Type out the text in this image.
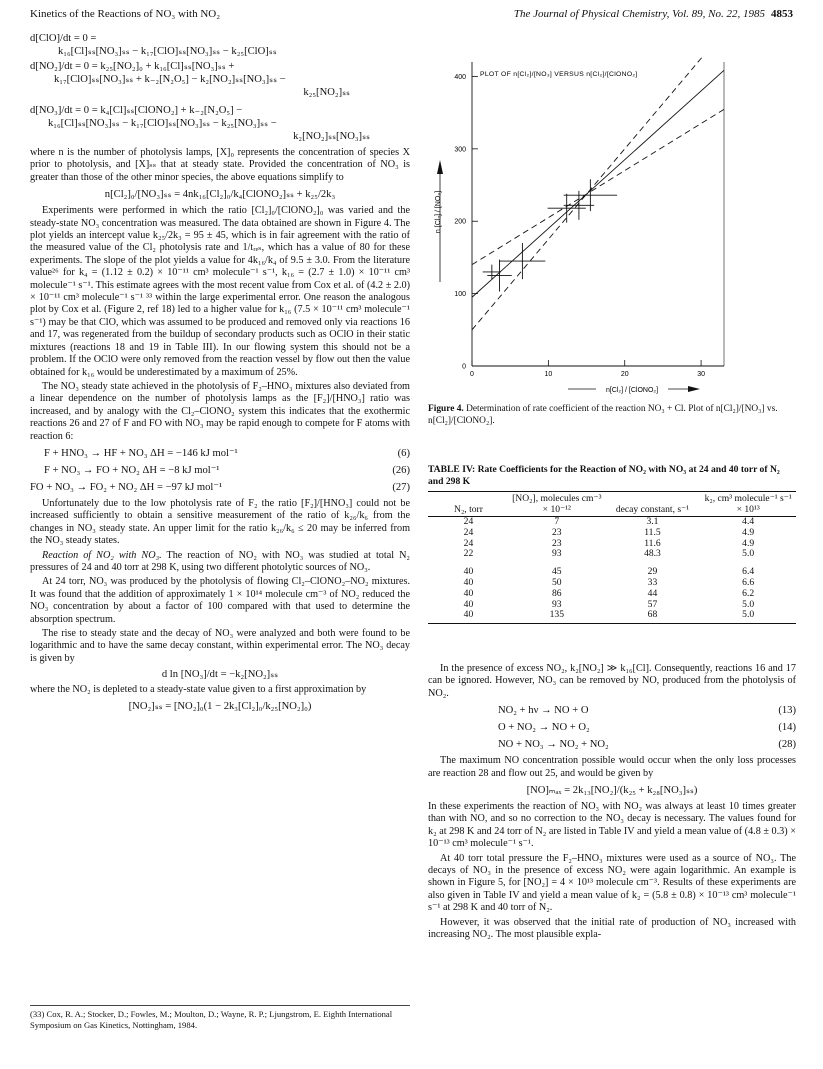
Kinetics of the Reactions of NO₃ with NO₂	The Journal of Physical Chemistry, Vol. 89, No. 22, 1985 4853
d[ClO]/dt = 0 =
k₁₆[Cl]ₛₛ[NO₃]ₛₛ − k₁₇[ClO]ₛₛ[NO₃]ₛₛ − k₂₅[ClO]ₛₛ
d[NO₂]/dt = 0 = k₂₅[NO₂]₀ + k₁₆[Cl]ₛₛ[NO₃]ₛₛ +
k₁₇[ClO]ₛₛ[NO₃]ₛₛ + k₋₂[N₂O₅] − k₂[NO₂]ₛₛ[NO₃]ₛₛ −
k₂₅[NO₂]ₛₛ
d[NO₃]/dt = 0 = k₄[Cl]ₛₛ[ClONO₂] + k₋₂[N₂O₅] −
k₁₆[Cl]ₛₛ[NO₃]ₛₛ − k₁₇[ClO]ₛₛ[NO₃]ₛₛ − k₂₅[NO₃]ₛₛ −
k₂[NO₂]ₛₛ[NO₃]ₛₛ

where n is the number of photolysis lamps, [X]₀ represents the concentration of species X prior to photolysis, and [X]ₛₛ that at steady state. Provided the concentration of NO₃ is greater than those of the other minor species, the above equations simplify to

n[Cl₂]₀/[NO₃]ₛₛ = 4nk₁₆[Cl₂]₀/k₄[ClONO₂]ₛₛ + k₂₅/2k₃

Experiments were performed in which the ratio [Cl₂]₀/[ClONO₂]₀ was varied and the steady-state NO₃ concentration was measured. The data obtained are shown in Figure 4. The plot yields an intercept value k₂₅/2k₃ = 95 ± 45, which is in fair agreement with the ratio of the measured value of the Cl₂ photolysis rate and 1/tᵣₑₛ, which has a value of 80 for these experiments. The slope of the plot yields a value for 4k₁₆/k₄ of 9.5 ± 3.0. From the literature value²⁶ for k₄ = (1.12 ± 0.2) × 10⁻¹¹ cm³ molecule⁻¹ s⁻¹, k₁₆ = (2.7 ± 1.0) × 10⁻¹¹ cm³ molecule⁻¹ s⁻¹. This estimate agrees with the most recent value from Cox et al. of (4.2 ± 2.0) × 10⁻¹¹ cm³ molecule⁻¹ s⁻¹ ³³ within the large experimental error. One reason the analogous plot by Cox et al. (Figure 2, ref 18) led to a higher value for k₁₆ (7.5 × 10⁻¹¹ cm³ molecule⁻¹ s⁻¹) may be that ClO, which was assumed to be produced and removed only via reactions 16 and 17, was regenerated from the buildup of secondary products such as OClO in their static mixtures (reactions 18 and 19 in Table III). In our flowing system this should not be a problem. If the OClO were only removed from the reaction vessel by flow out then the value obtained for k₁₆ would be underestimated by a maximum of 25%.

The NO₃ steady state achieved in the photolysis of F₂–HNO₃ mixtures also deviated from a linear dependence on the number of photolysis lamps as the [F₂]/[HNO₃] ratio was increased, and by analogy with the Cl₂–ClONO₂ system this indicates that the exothermic reactions 26 and 27 of F and FO with NO₃ may be rapid enough to compete for F atoms with reaction 6:

F + HNO₃ → HF + NO₃ ΔH = −146 kJ mol⁻¹	(6)
F + NO₃ → FO + NO₂ ΔH = −8 kJ mol⁻¹	(26)
FO + NO₃ → FO₂ + NO₂ ΔH = −97 kJ mol⁻¹	(27)

Unfortunately due to the low photolysis rate of F₂ the ratio [F₂]/[HNO₃] could not be increased sufficiently to obtain a sensitive measurement of the ratio of k₂₆/k₆ from the changes in NO₃ steady state. An upper limit for the ratio k₂₆/k₆ ≤ 20 may be inferred from the NO₃ steady states.

Reaction of NO₂ with NO₃. The reaction of NO₂ with NO₃ was studied at total N₂ pressures of 24 and 40 torr at 298 K, using two different photolytic sources of NO₃.

At 24 torr, NO₃ was produced by the photolysis of flowing Cl₂–ClONO₂–NO₂ mixtures. It was found that the addition of approximately 1 × 10¹⁴ molecule cm⁻³ of NO₂ reduced the NO₃ concentration by about a factor of 100 compared with that used to determine the absorption spectrum.

The rise to steady state and the decay of NO₃ were analyzed and both were found to be logarithmic and to have the same decay constant, within experimental error. The NO₃ decay is given by

d ln [NO₃]/dt = −k₂[NO₂]ₛₛ

where the NO₂ is depleted to a steady-state value given to a first approximation by

[NO₂]ₛₛ = [NO₂]₀(1 − 2k₃[Cl₂]₀/k₂₅[NO₂]₀)
(33) Cox, R. A.; Stocker, D.; Fowles, M.; Moulton, D.; Wayne, R. P.; Ljungstrom, E. Eighth International Symposium on Gas Kinetics, Nottingham, 1984.
0
100
200
300
400
0	10	20	30
PLOT OF n[Cl₂]/[NO₃] VERSUS n[Cl₂]/[ClONO₂]
n [Cl₂] / [NO₃]
n[Cl₂] / [ClONO₂]
Figure 4. Determination of rate coefficient of the reaction NO₃ + Cl. Plot of n[Cl₂]/[NO₃] vs. n[Cl₂]/[ClONO₂].
TABLE IV: Rate Coefficients for the Reaction of NO₂ with NO₃ at 24 and 40 torr of N₂ and 298 K
N₂, torr	[NO₂], molecules cm⁻³ × 10⁻¹²	decay constant, s⁻¹	k₂, cm³ molecule⁻¹ s⁻¹ × 10¹³
24	7	3.1	4.4
24	23	11.5	4.9
24	23	11.6	4.9
22	93	48.3	5.0

40	45	29	6.4
40	50	33	6.6
40	86	44	6.2
40	93	57	5.0
40	135	68	5.0

In the presence of excess NO₂, k₂[NO₂] ≫ k₁₆[Cl]. Consequently, reactions 16 and 17 can be ignored. However, NO₃ can be removed by NO, produced from the photolysis of NO₂.

NO₂ + hν → NO + O	(13)
O + NO₂ → NO + O₂	(14)
NO + NO₃ → NO₂ + NO₂	(28)

The maximum NO concentration possible would occur when the only loss processes are reaction 28 and flow out 25, and would be given by

[NO]ₘₐₓ = 2k₁₃[NO₂]/(k₂₅ + k₂₈[NO₃]ₛₛ)

In these experiments the reaction of NO₃ with NO₂ was always at least 10 times greater than with NO, and so no correction to the NO₃ decay is necessary. The values found for k₂ at 298 K and 24 torr of N₂ are listed in Table IV and yield a mean value of (4.8 ± 0.3) × 10⁻¹³ cm³ molecule⁻¹ s⁻¹.

At 40 torr total pressure the F₂–HNO₃ mixtures were used as a source of NO₃. The decays of NO₃ in the presence of excess NO₂ were again logarithmic. An example is shown in Figure 5, for [NO₂] = 4 × 10¹³ molecule cm⁻³. Results of these experiments are also given in Table IV and yield a mean value of k₂ = (5.8 ± 0.8) × 10⁻¹³ cm³ molecule⁻¹ s⁻¹ at 298 K and 40 torr of N₂.

However, it was observed that the initial rate of production of NO₃ increased with increasing NO₂. The most plausible expla-
